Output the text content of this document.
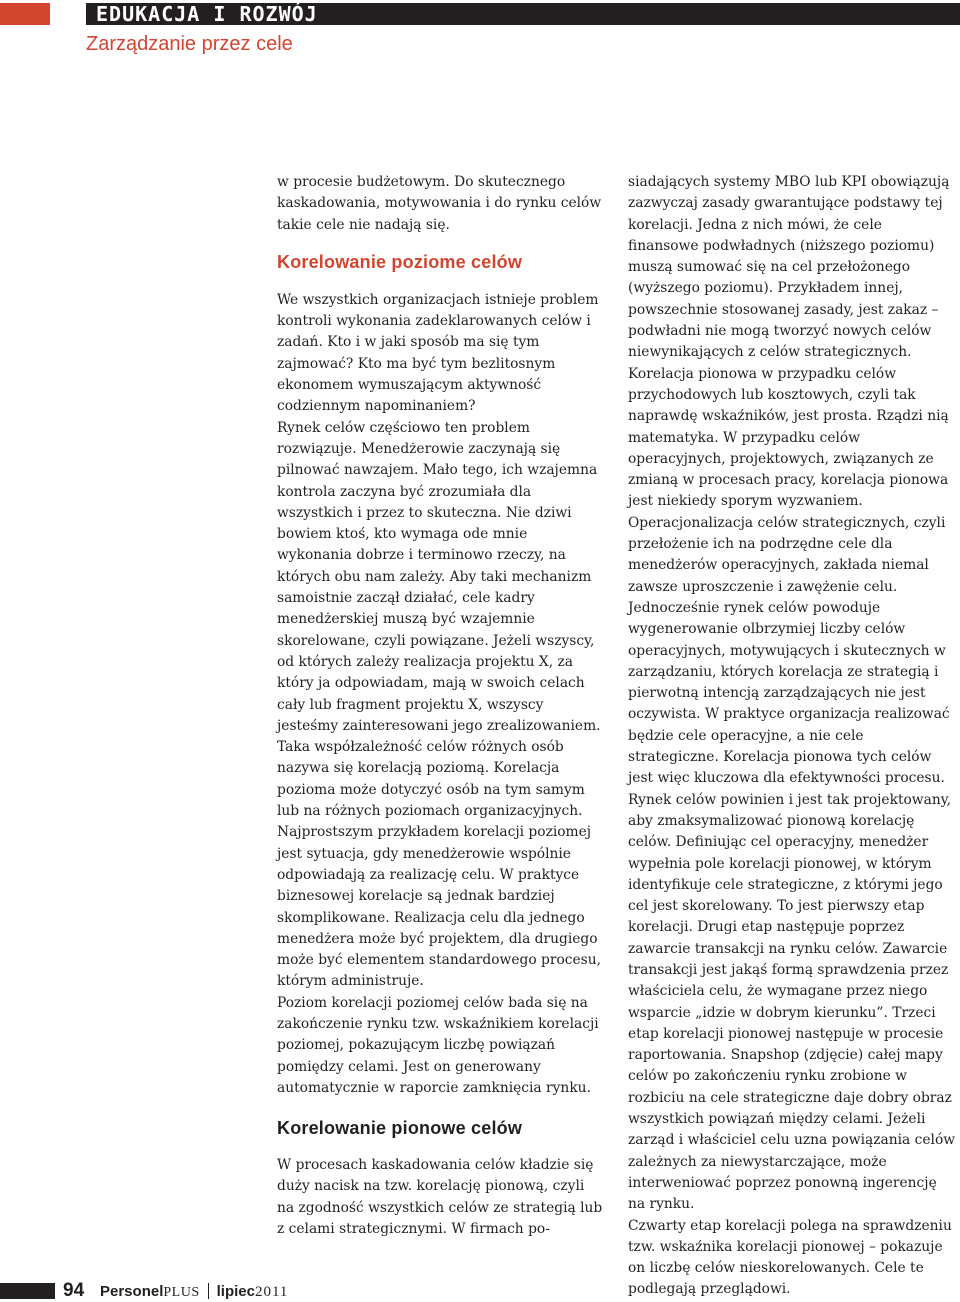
EDUKACJA I ROZWÓJ
Zarządzanie przez cele

w procesie budżetowym. Do skutecznego kaskadowania, motywowania i do rynku celów takie cele nie nadają się.

Korelowanie poziome celów

We wszystkich organizacjach istnieje problem kontroli wykonania zadeklarowanych celów i zadań. Kto i w jaki sposób ma się tym zajmować? Kto ma być tym bezlitosnym ekonomem wymuszającym aktywność codziennym napominaniem?

Rynek celów częściowo ten problem rozwiązuje. Menedżerowie zaczynają się pilnować nawzajem. Mało tego, ich wzajemna kontrola zaczyna być zrozumiała dla wszystkich i przez to skuteczna. Nie dziwi bowiem ktoś, kto wymaga ode mnie wykonania dobrze i terminowo rzeczy, na których obu nam zależy. Aby taki mechanizm samoistnie zaczął działać, cele kadry menedżerskiej muszą być wzajemnie skorelowane, czyli powiązane. Jeżeli wszyscy, od których zależy realizacja projektu X, za który ja odpowiadam, mają w swoich celach cały lub fragment projektu X, wszyscy jesteśmy zainteresowani jego zrealizowaniem. Taka współzależność celów różnych osób nazywa się korelacją poziomą. Korelacja pozioma może dotyczyć osób na tym samym lub na różnych poziomach organizacyjnych.

Najprostszym przykładem korelacji poziomej jest sytuacja, gdy menedżerowie wspólnie odpowiadają za realizację celu. W praktyce biznesowej korelacje są jednak bardziej skomplikowane. Realizacja celu dla jednego menedżera może być projektem, dla drugiego może być elementem standardowego procesu, którym administruje.

Poziom korelacji poziomej celów bada się na zakończenie rynku tzw. wskaźnikiem korelacji poziomej, pokazującym liczbę powiązań pomiędzy celami. Jest on generowany automatycznie w raporcie zamknięcia rynku.

Korelowanie pionowe celów

W procesach kaskadowania celów kładzie się duży nacisk na tzw. korelację pionową, czyli na zgodność wszystkich celów ze strategią lub z celami strategicznymi. W firmach po-

siadających systemy MBO lub KPI obowiązują zazwyczaj zasady gwarantujące podstawy tej korelacji. Jedna z nich mówi, że cele finansowe podwładnych (niższego poziomu) muszą sumować się na cel przełożonego (wyższego poziomu). Przykładem innej, powszechnie stosowanej zasady, jest zakaz – podwładni nie mogą tworzyć nowych celów niewynikających z celów strategicznych. Korelacja pionowa w przypadku celów przychodowych lub kosztowych, czyli tak naprawdę wskaźników, jest prosta. Rządzi nią matematyka. W przypadku celów operacyjnych, projektowych, związanych ze zmianą w procesach pracy, korelacja pionowa jest niekiedy sporym wyzwaniem. Operacjonalizacja celów strategicznych, czyli przełożenie ich na podrzędne cele dla menedżerów operacyjnych, zakłada niemal zawsze uproszczenie i zawężenie celu. Jednocześnie rynek celów powoduje wygenerowanie olbrzymiej liczby celów operacyjnych, motywujących i skutecznych w zarządzaniu, których korelacja ze strategią i pierwotną intencją zarządzających nie jest oczywista. W praktyce organizacja realizować będzie cele operacyjne, a nie cele strategiczne. Korelacja pionowa tych celów jest więc kluczowa dla efektywności procesu.

Rynek celów powinien i jest tak projektowany, aby zmaksymalizować pionową korelację celów. Definiując cel operacyjny, menedżer wypełnia pole korelacji pionowej, w którym identyfikuje cele strategiczne, z którymi jego cel jest skorelowany. To jest pierwszy etap korelacji. Drugi etap następuje poprzez zawarcie transakcji na rynku celów. Zawarcie transakcji jest jakąś formą sprawdzenia przez właściciela celu, że wymagane przez niego wsparcie „idzie w dobrym kierunku”. Trzeci etap korelacji pionowej następuje w procesie raportowania. Snapshop (zdjęcie) całej mapy celów po zakończeniu rynku zrobione w rozbiciu na cele strategiczne daje dobry obraz wszystkich powiązań między celami. Jeżeli zarząd i właściciel celu uzna powiązania celów zależnych za niewystarczające, może interweniować poprzez ponowną ingerencję na rynku.

Czwarty etap korelacji polega na sprawdzeniu tzw. wskaźnika korelacji pionowej – pokazuje on liczbę celów nieskorelowanych. Cele te podlegają przeglądowi.

94 PersonelPLUS lipiec2011
